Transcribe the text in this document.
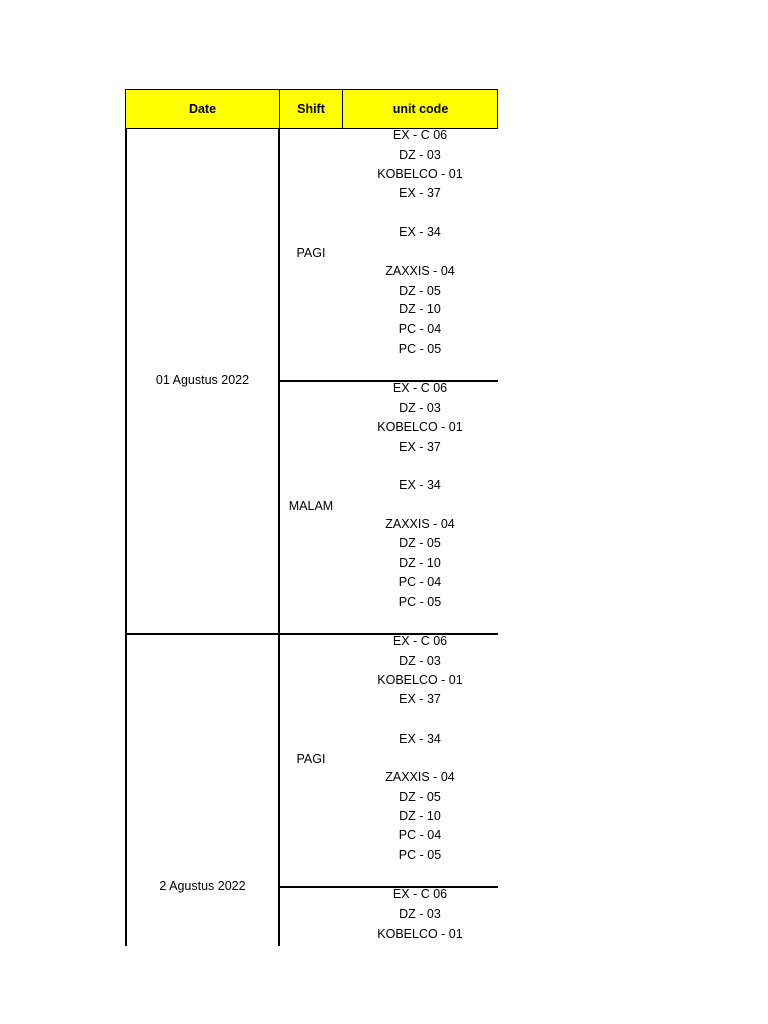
Date	Shift	unit code
01 Agustus 2022
2 Agustus 2022
PAGI
MALAM
PAGI
EX - C 06
DZ - 03
KOBELCO - 01
EX - 37
EX - 34
ZAXXIS - 04
DZ - 05
DZ - 10
PC - 04
PC - 05
EX - C 06
DZ - 03
KOBELCO - 01
EX - 37
EX - 34
ZAXXIS - 04
DZ - 05
DZ - 10
PC - 04
PC - 05
EX - C 06
DZ - 03
KOBELCO - 01
EX - 37
EX - 34
ZAXXIS - 04
DZ - 05
DZ - 10
PC - 04
PC - 05
EX - C 06
DZ - 03
KOBELCO - 01
